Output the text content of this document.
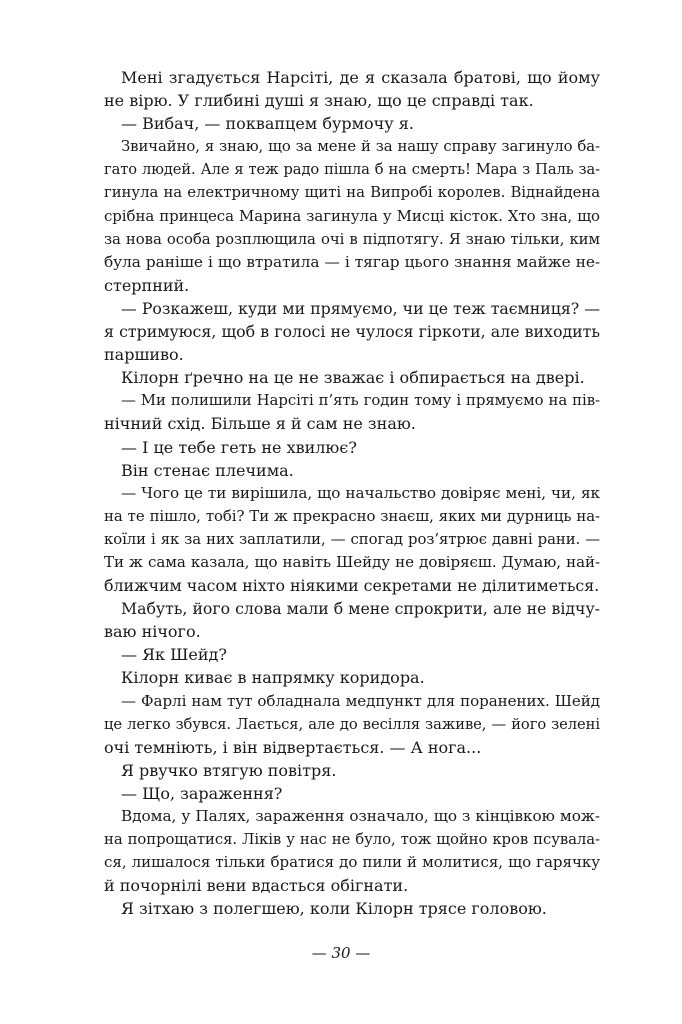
Мені згадується Нарсіті, де я сказала братові, що йому
не вірю. У глибині душі я знаю, що це справді так.
— Вибач, — поквапцем бурмочу я.
Звичайно, я знаю, що за мене й за нашу справу загинуло ба-
гато людей. Але я теж радо пішла б на смерть! Мара з Паль за-
гинула на електричному щиті на Випробі королев. Віднайдена
срібна принцеса Марина загинула у Мисці кісток. Хто зна, що
за нова особа розплющила очі в підпотягу. Я знаю тільки, ким
була раніше і що втратила — і тягар цього знання майже не-
стерпний.
— Розкажеш, куди ми прямуємо, чи це теж таємниця? —
я стримуюся, щоб в голосі не чулося гіркоти, але виходить
паршиво.
Кілорн ґречно на це не зважає і обпирається на двері.
— Ми полишили Нарсіті п’ять годин тому і прямуємо на пів-
нічний схід. Більше я й сам не знаю.
— І це тебе геть не хвилює?
Він стенає плечима.
— Чого це ти вирішила, що начальство довіряє мені, чи, як
на те пішло, тобі? Ти ж прекрасно знаєш, яких ми дурниць на-
коїли і як за них заплатили, — спогад роз’ятрює давні рани. —
Ти ж сама казала, що навіть Шейду не довіряєш. Думаю, най-
ближчим часом ніхто ніякими секретами не ділитиметься.
Мабуть, його слова мали б мене спрокрити, але не відчу-
ваю нічого.
— Як Шейд?
Кілорн киває в напрямку коридора.
— Фарлі нам тут обладнала медпункт для поранених. Шейд
це легко збувся. Лається, але до весілля заживе, — його зелені
очі темніють, і він відвертається. — А нога...
Я рвучко втягую повітря.
— Що, зараження?
Вдома, у Палях, зараження означало, що з кінцівкою мож-
на попрощатися. Ліків у нас не було, тож щойно кров псувала-
ся, лишалося тільки братися до пили й молитися, що гарячку
й почорнілі вени вдасться обігнати.
Я зітхаю з полегшею, коли Кілорн трясе головою.
— 30 —
